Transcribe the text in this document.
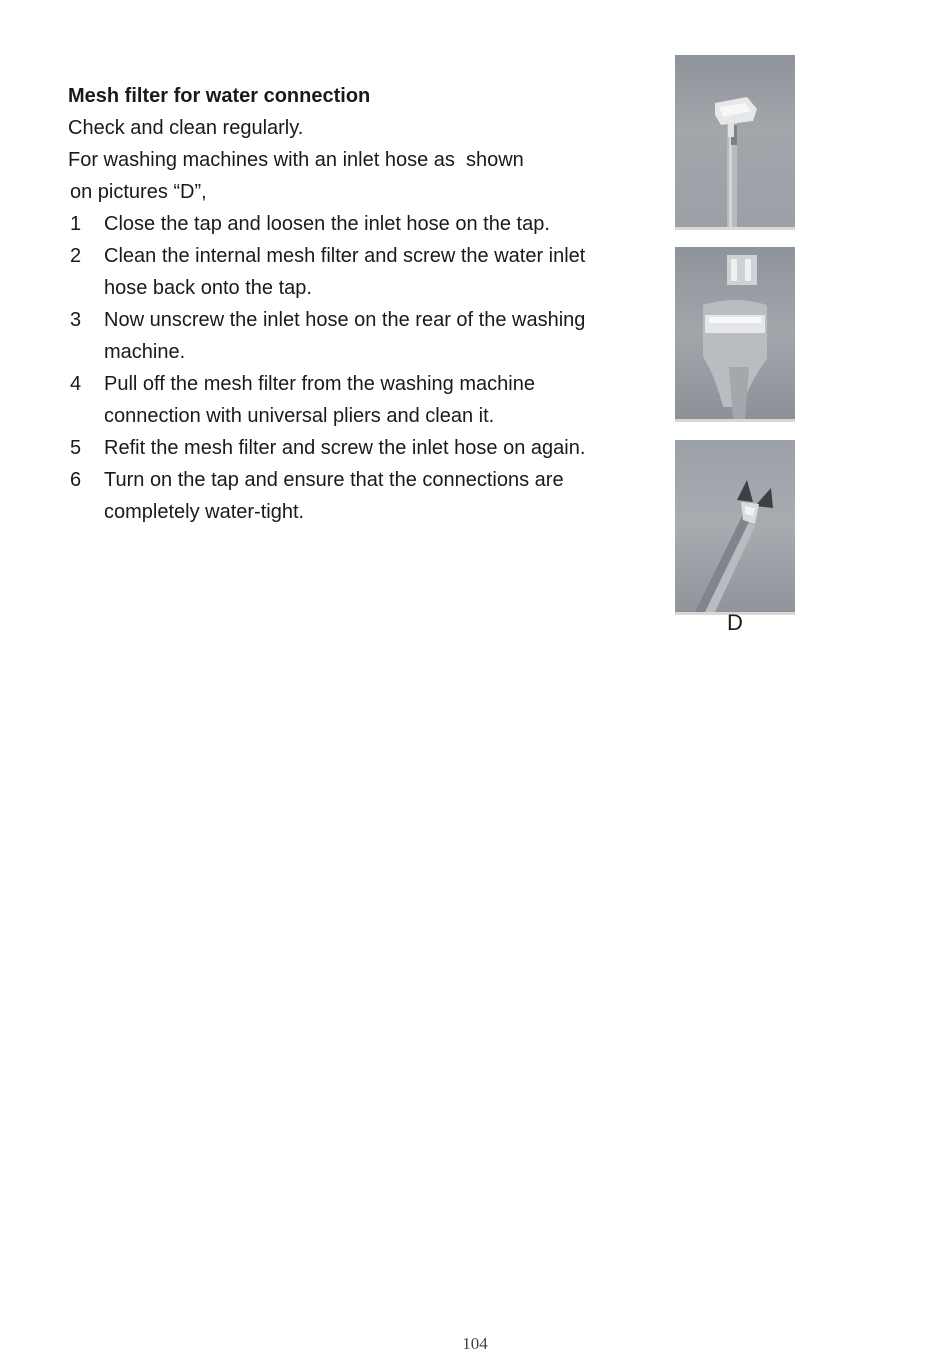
Mesh filter for water connection

Check and clean regularly.

For washing machines with an inlet hose as  shown

on pictures “D”,

1	Close the tap and loosen the inlet hose on the tap.
2	Clean the internal mesh filter and screw the water inlet hose back onto the tap.
3	Now unscrew the inlet hose on the rear of the washing machine.
4	Pull off the mesh filter from the washing machine connection with universal pliers and clean it.
5	Refit the mesh filter and screw the inlet hose on again.
6	Turn on the tap and ensure that the connections are completely water-tight.
D
104
